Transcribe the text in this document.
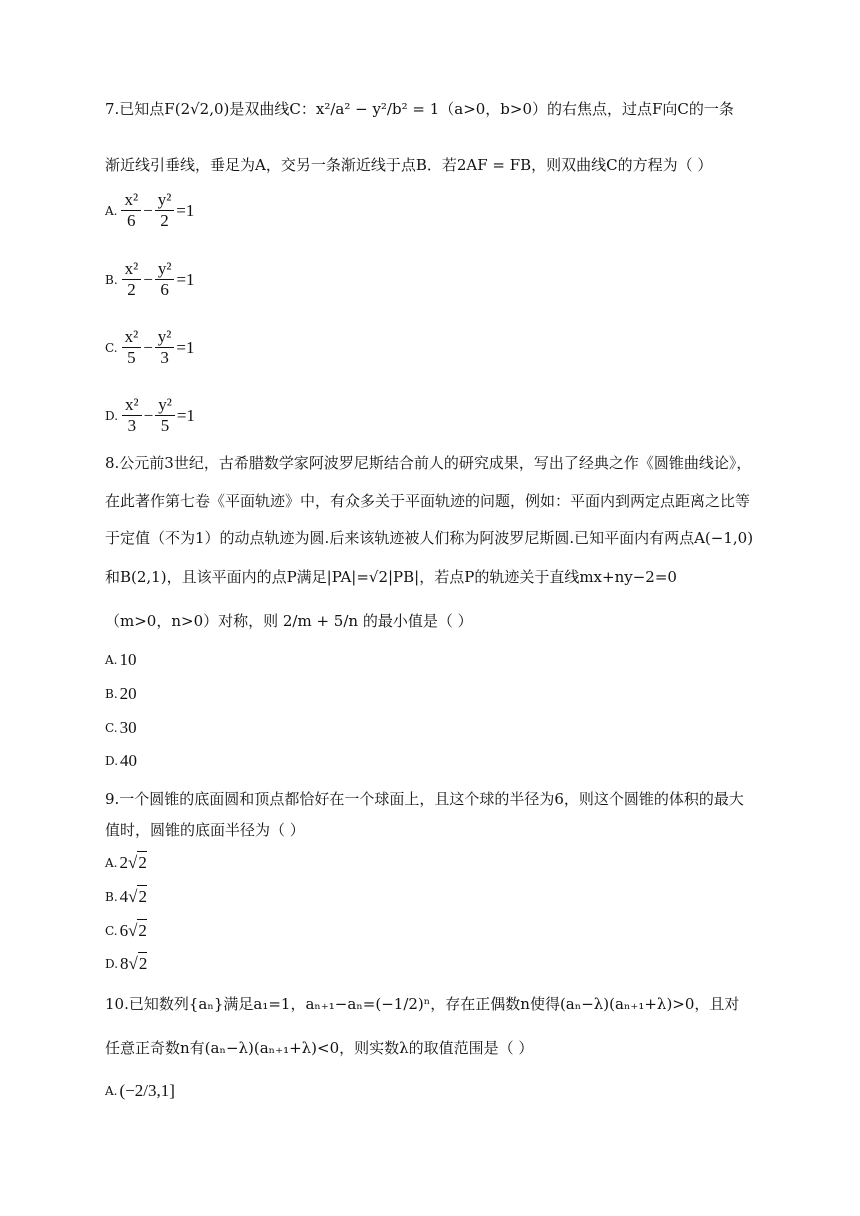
7.已知点F(2√2,0)是双曲线C：x²/a² − y²/b² = 1（a>0，b>0）的右焦点，过点F向C的一条
渐近线引垂线，垂足为A，交另一条渐近线于点B．若2AF = FB，则双曲线C的方程为（ ）
A. $\frac{\text{x²}}{6} - \frac{\text{y²}}{2} =1$
B. $\frac{\text{x²}}{2} - \frac{\text{y²}}{6} =1$
C. $\frac{\text{x²}}{5} - \frac{\text{y²}}{3} =1$
D. $\frac{\text{x²}}{3} - \frac{\text{y²}}{5} =1$
8.公元前3世纪，古希腊数学家阿波罗尼斯结合前人的研究成果，写出了经典之作《圆锥曲线论》，
在此著作第七卷《平面轨迹》中，有众多关于平面轨迹的问题，例如：平面内到两定点距离之比等
于定值（不为1）的动点轨迹为圆.后来该轨迹被人们称为阿波罗尼斯圆.已知平面内有两点A(−1,0)
和B(2,1)，且该平面内的点P满足|PA|=√2|PB|，若点P的轨迹关于直线mx+ny−2=0
（m>0，n>0）对称，则 2/m + 5/n 的最小值是（ ）
A. 10
B. 20
C. 30
D. 40
9.一个圆锥的底面圆和顶点都恰好在一个球面上，且这个球的半径为6，则这个圆锥的体积的最大
值时，圆锥的底面半径为（ ）
A. 2 √ 2
B. 4 √ 2
C. 6 √ 2
D. 8 √ 2
10.已知数列{aₙ}满足a₁=1，aₙ₊₁−aₙ=(−1/2)ⁿ，存在正偶数n使得(aₙ−λ)(aₙ₊₁+λ)>0，且对
任意正奇数n有(aₙ−λ)(aₙ₊₁+λ)<0，则实数λ的取值范围是（ ）
A. (−2/3,1]
